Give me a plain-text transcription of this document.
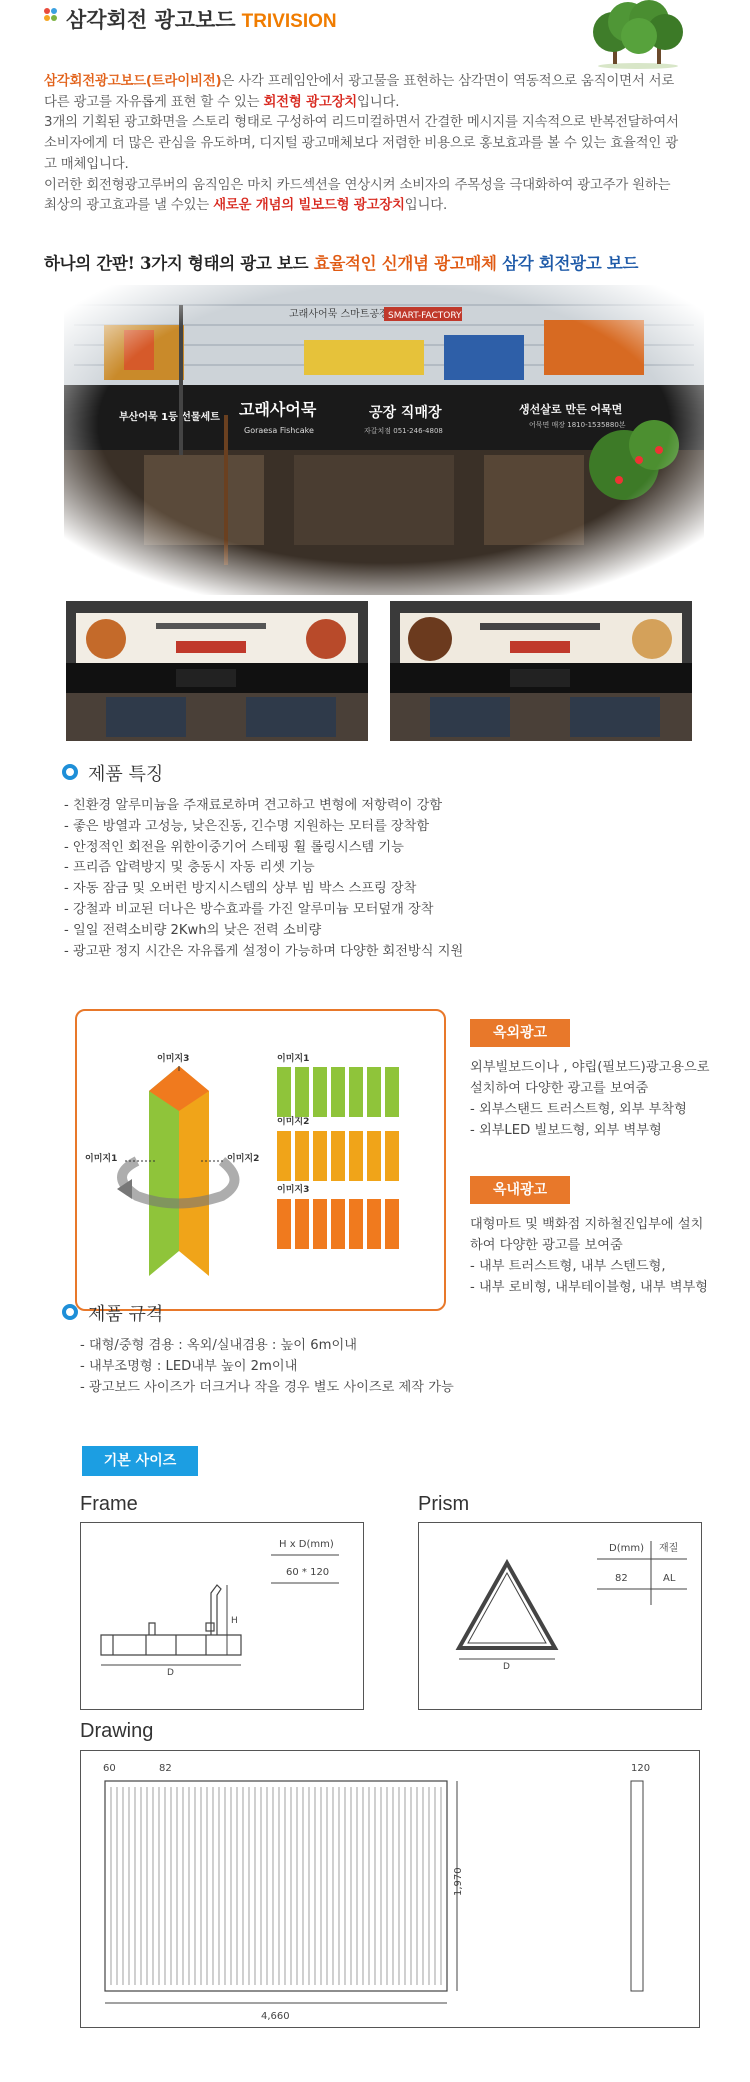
삼각회전 광고보드 TRIVISION
삼각회전광고보드(트라이비전)은 사각 프레임안에서 광고물을 표현하는 삼각면이 역동적으로 움직이면서 서로 다른 광고를 자유롭게 표현 할 수 있는 회전형 광고장치입니다.
3개의 기획된 광고화면을 스토리 형태로 구성하여 리드미컬하면서 간결한 메시지를 지속적으로 반복전달하여서 소비자에게 더 많은 관심을 유도하며, 디지털 광고매체보다 저렴한 비용으로 홍보효과를 볼 수 있는 효율적인 광고 매체입니다.
이러한 회전형광고루버의 움직임은 마치 카드섹션을 연상시켜 소비자의 주목성을 극대화하여 광고주가 원하는 최상의 광고효과를 낼 수있는 새로운 개념의 빌보드형 광고장치입니다.
하나의 간판! 3가지 형태의 광고 보드 효율적인 신개념 광고매체 삼각 회전광고 보드
제품 특징
- 친환경 알루미늄을 주재료로하며 견고하고 변형에 저항력이 강함
- 좋은 방열과 고성능, 낮은진동, 긴수명 지원하는 모터를 장착함
- 안정적인 회전을 위한이중기어 스테핑 휠 롤링시스템 기능
- 프리즘 압력방지 및 충동시 자동 리셋 기능
- 자동 잠금 및 오버런 방지시스템의 상부 빔 박스 스프링 장착
- 강철과 비교된 더나은 방수효과를 가진 알루미늄 모터덮개 장착
- 일일 전력소비량 2Kwh의 낮은 전력 소비량
- 광고판 정지 시간은 자유롭게 설정이 가능하며 다양한 회전방식 지원
이미지3
이미지1	이미지2
이미지1
이미지2
이미지3
옥외광고
외부빌보드이나 , 야립(필보드)광고용으로
설치하여 다양한 광고를 보여줌
- 외부스탠드 트러스트형, 외부 부착형
- 외부LED 빌보드형, 외부 벽부형
옥내광고
대형마트 및 백화점 지하철진입부에 설치
하여 다양한 광고를 보여줌
- 내부 트러스트형, 내부 스텐드형,
- 내부 로비형, 내부테이블형, 내부 벽부형
제품 규격
- 대형/중형 겸용 : 옥외/실내겸용 : 높이 6m이내
- 내부조명형 : LED내부 높이 2m이내
- 광고보드 사이즈가 더크거나 작을 경우 별도 사이즈로 제작 가능
기본 사이즈
Frame
H x D(mm)
60 * 120
D
H
Prism
D
D(mm) 재질
82	AL
Drawing
60	82	120
1,970
4,660
